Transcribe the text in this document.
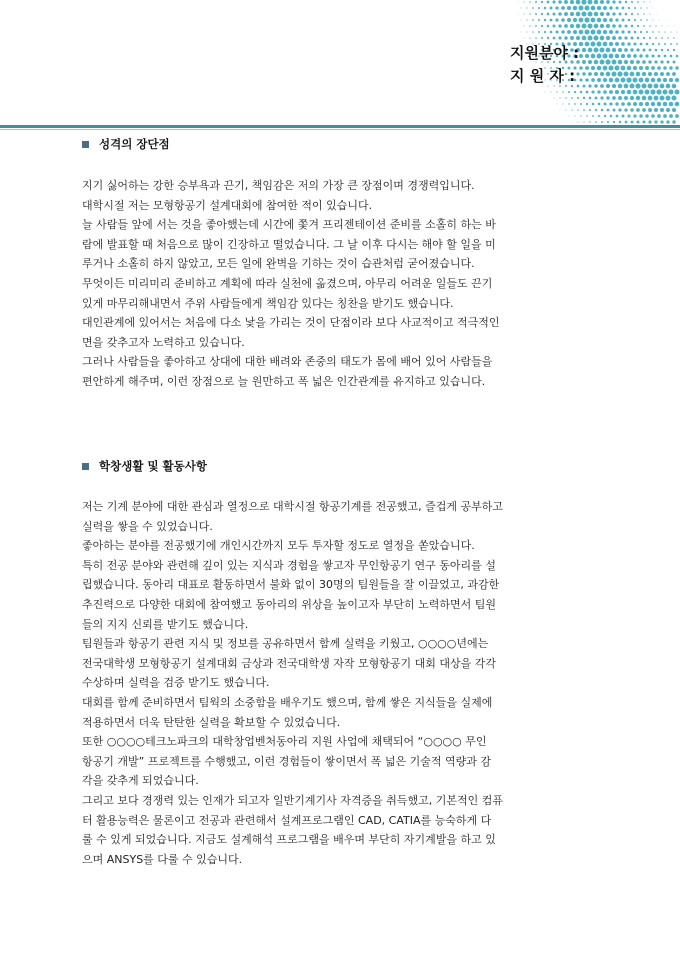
지원분야 :
지 원 자 :
성격의 장단점

지기 싫어하는 강한 승부욕과 끈기, 책임감은 저의 가장 큰 장점이며 경쟁력입니다.

대학시절 저는 모형항공기 설계대회에 참여한 적이 있습니다.

늘 사람들 앞에 서는 것을 좋아했는데 시간에 쫓겨 프리젠테이션 준비를 소홀히 하는 바
람에 발표할 때 처음으로 많이 긴장하고 떨었습니다. 그 날 이후 다시는 해야 할 일을 미
루거나 소홀히 하지 않았고, 모든 일에 완벽을 기하는 것이 습관처럼 굳어졌습니다.

무엇이든 미리미리 준비하고 계획에 따라 실천에 옮겼으며, 아무리 어려운 일들도 끈기
있게 마무리해내면서 주위 사람들에게 책임감 있다는 칭찬을 받기도 했습니다.

대인관계에 있어서는 처음에 다소 낯을 가리는 것이 단점이라 보다 사교적이고 적극적인
면을 갖추고자 노력하고 있습니다.

그러나 사람들을 좋아하고 상대에 대한 배려와 존중의 태도가 몸에 배어 있어 사람들을
편안하게 해주며, 이런 장점으로 늘 원만하고 폭 넓은 인간관계를 유지하고 있습니다.

학창생활 및 활동사항

저는 기계 분야에 대한 관심과 열정으로 대학시절 항공기계를 전공했고, 즐겁게 공부하고
실력을 쌓을 수 있었습니다.

좋아하는 분야를 전공했기에 개인시간까지 모두 투자할 정도로 열정을 쏟았습니다.

특히 전공 분야와 관련해 깊이 있는 지식과 경험을 쌓고자 무인항공기 연구 동아리를 설
립했습니다. 동아리 대표로 활동하면서 불화 없이 30명의 팀원들을 잘 이끌었고, 과감한
추진력으로 다양한 대회에 참여했고 동아리의 위상을 높이고자 부단히 노력하면서 팀원
들의 지지 신뢰를 받기도 했습니다.

팀원들과 항공기 관련 지식 및 정보를 공유하면서 함께 실력을 키웠고, ○○○○년에는
전국대학생 모형항공기 설계대회 금상과 전국대학생 자작 모형항공기 대회 대상을 각각
수상하며 실력을 검증 받기도 했습니다.

대회를 함께 준비하면서 팀웍의 소중함을 배우기도 했으며, 함께 쌓은 지식들을 실제에
적용하면서 더욱 탄탄한 실력을 확보할 수 있었습니다.

또한 ○○○○테크노파크의 대학창업벤처동아리 지원 사업에 채택되어 “○○○○ 무인
항공기 개발” 프로젝트를 수행했고, 이런 경험들이 쌓이면서 폭 넓은 기술적 역량과 감
각을 갖추게 되었습니다.

그리고 보다 경쟁력 있는 인재가 되고자 일반기계기사 자격증을 취득했고, 기본적인 컴퓨
터 활용능력은 물론이고 전공과 관련해서 설계프로그램인 CAD, CATIA를 능숙하게 다
룰 수 있게 되었습니다. 지금도 설계해석 프로그램을 배우며 부단히 자기계발을 하고 있
으며 ANSYS를 다룰 수 있습니다.
